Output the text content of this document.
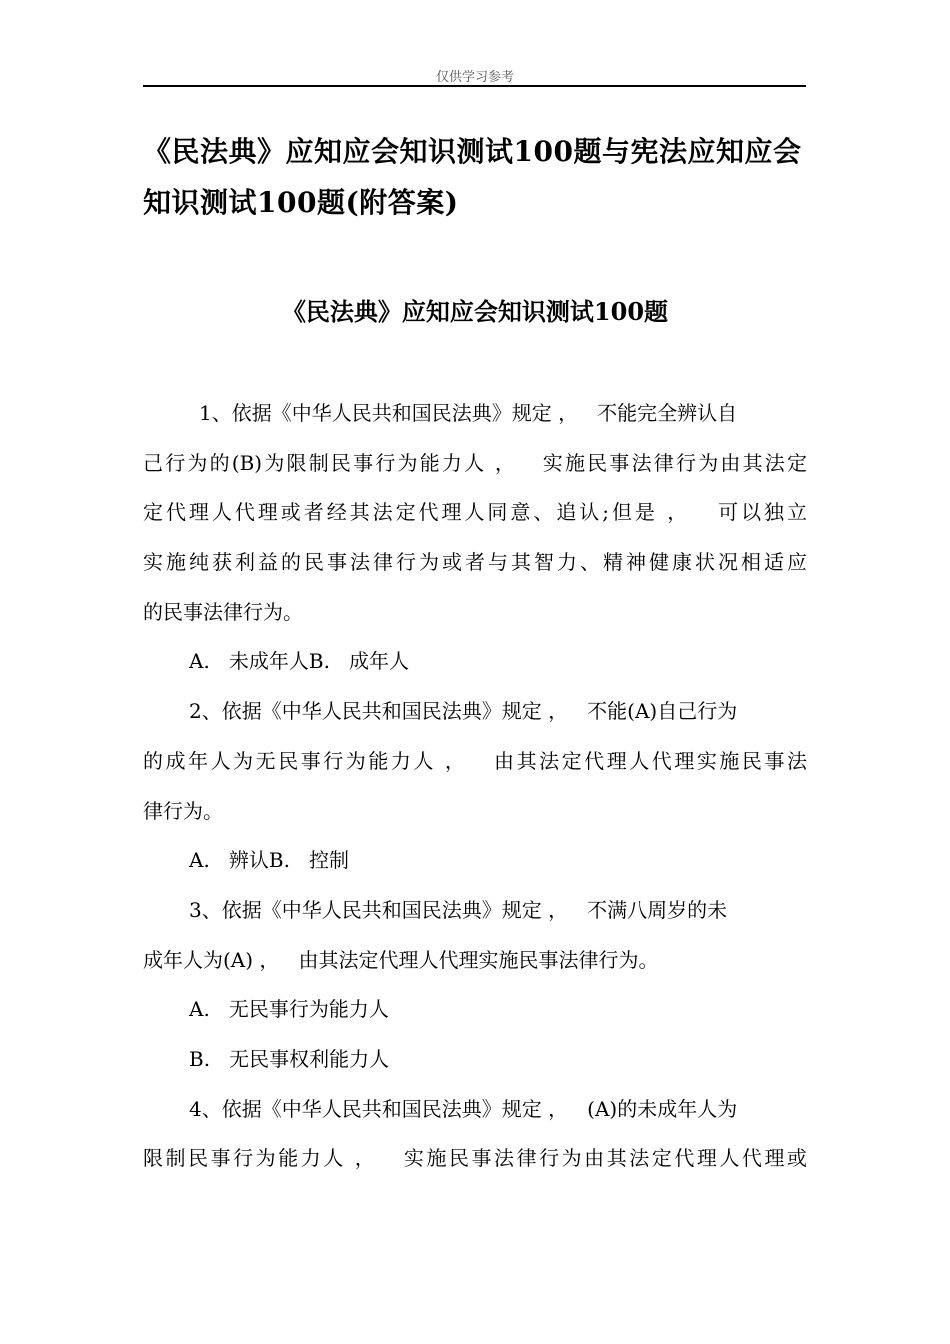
仅供学习参考
《民法典》应知应会知识测试100题与宪法应知应会
知识测试100题(附答案)
《民法典》应知应会知识测试100题
1、依据《中华人民共和国民法典》规定 ，   不能完全辨认自
己行为的(B)为限制民事行为能力人 ，   实施民事法律行为由其法定
定代理人代理或者经其法定代理人同意、追认;但是 ，   可以独立
实施纯获利益的民事法律行为或者与其智力、精神健康状况相适应
的民事法律行为。
A.   未成年人B.   成年人
2、依据《中华人民共和国民法典》规定 ，   不能(A)自己行为
的成年人为无民事行为能力人 ，   由其法定代理人代理实施民事法
律行为。
A.   辨认B.   控制
3、依据《中华人民共和国民法典》规定 ，   不满八周岁的未
成年人为(A) ，   由其法定代理人代理实施民事法律行为。
A.   无民事行为能力人
B.   无民事权利能力人
4、依据《中华人民共和国民法典》规定 ，   (A)的未成年人为
限制民事行为能力人 ，   实施民事法律行为由其法定代理人代理或
